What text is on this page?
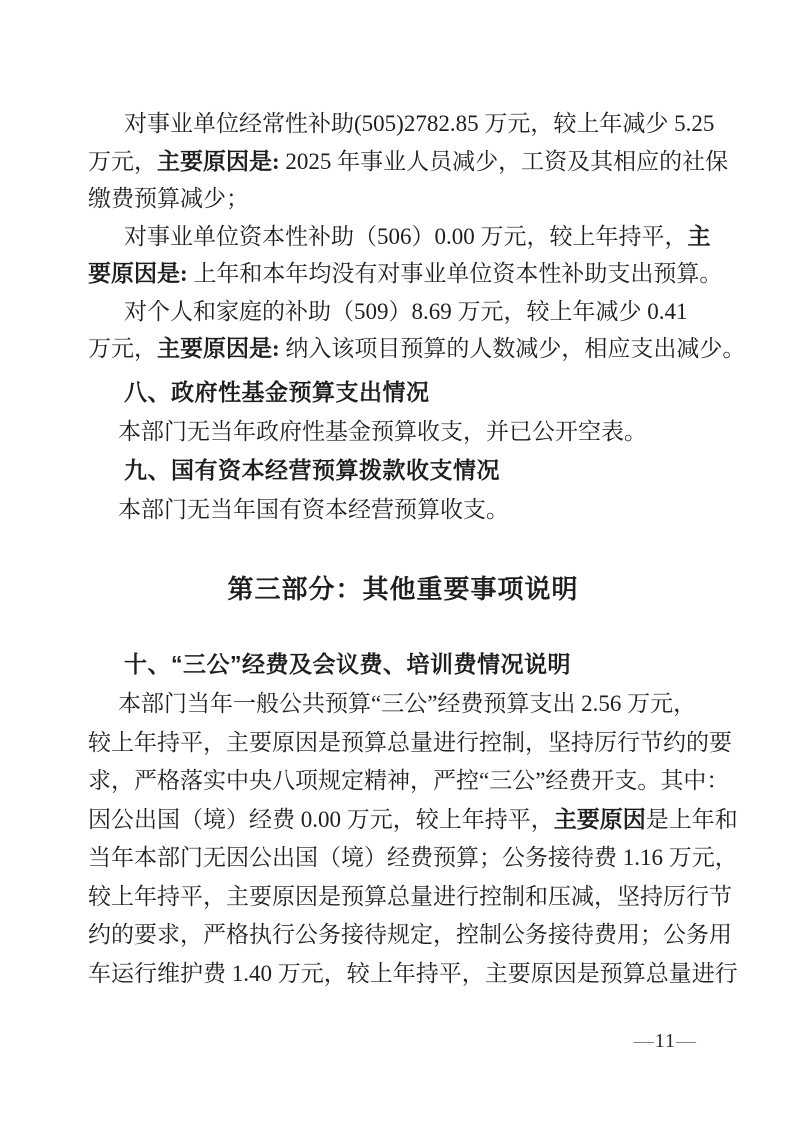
对事业单位经常性补助(505)2782.85 万元，较上年减少 5.25
万元，主要原因是: 2025 年事业人员减少，工资及其相应的社保
缴费预算减少；
对事业单位资本性补助（506）0.00 万元，较上年持平，主
要原因是: 上年和本年均没有对事业单位资本性补助支出预算。
对个人和家庭的补助（509）8.69 万元，较上年减少 0.41
万元，主要原因是: 纳入该项目预算的人数减少，相应支出减少。
八、政府性基金预算支出情况
本部门无当年政府性基金预算收支，并已公开空表。
九、国有资本经营预算拨款收支情况
本部门无当年国有资本经营预算收支。
第三部分：其他重要事项说明
十、“三公”经费及会议费、培训费情况说明
本部门当年一般公共预算“三公”经费预算支出 2.56 万元，
较上年持平，主要原因是预算总量进行控制，坚持厉行节约的要
求，严格落实中央八项规定精神，严控“三公”经费开支。其中：
因公出国（境）经费 0.00 万元，较上年持平，主要原因是上年和
当年本部门无因公出国（境）经费预算；公务接待费 1.16 万元，
较上年持平，主要原因是预算总量进行控制和压减，坚持厉行节
约的要求，严格执行公务接待规定，控制公务接待费用；公务用
车运行维护费 1.40 万元，较上年持平，主要原因是预算总量进行
—11—
